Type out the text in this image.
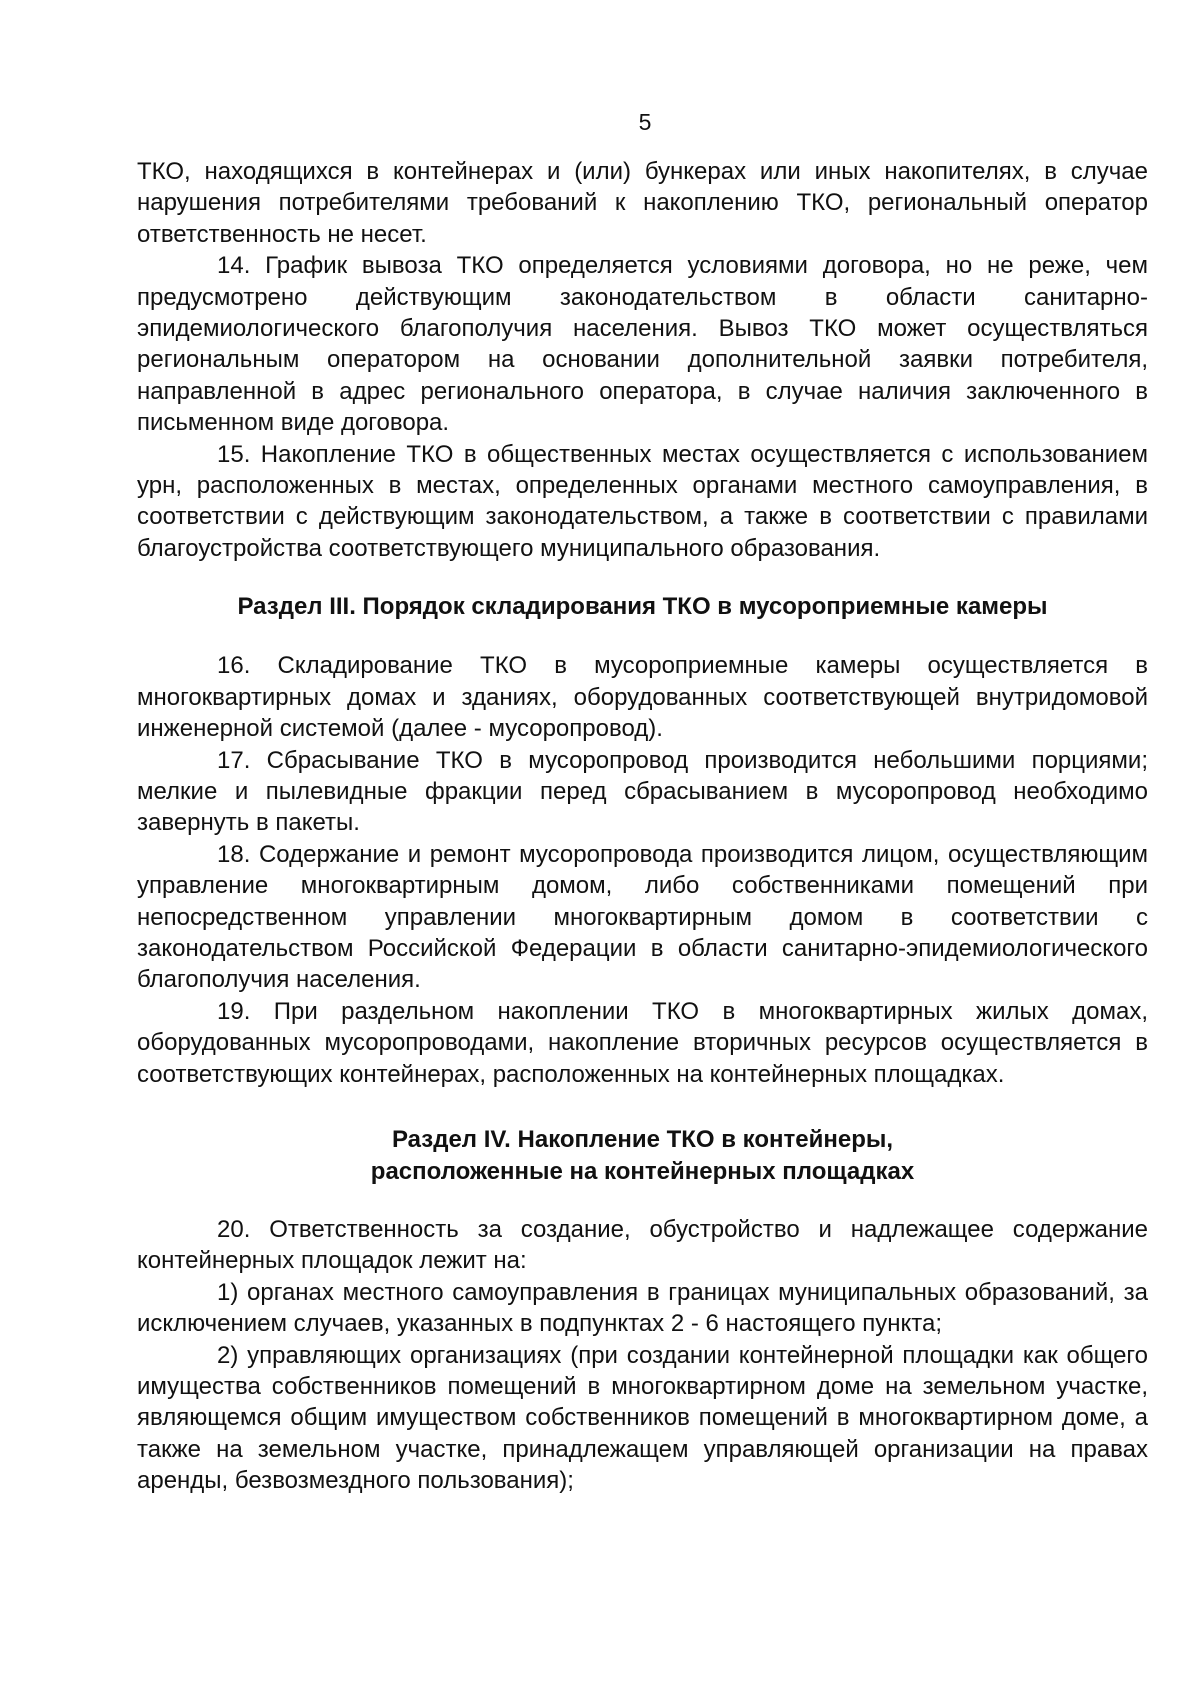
5

ТКО, находящихся в контейнерах и (или) бункерах или иных накопителях, в случае нарушения потребителями требований к накоплению ТКО, региональный оператор ответственность не несет.

14. График вывоза ТКО определяется условиями договора, но не реже, чем предусмотрено действующим законодательством в области санитарно-эпидемиологического благополучия населения. Вывоз ТКО может осуществляться региональным оператором на основании дополнительной заявки потребителя, направленной в адрес регионального оператора, в случае наличия заключенного в письменном виде договора.

15. Накопление ТКО в общественных местах осуществляется с использованием урн, расположенных в местах, определенных органами местного самоуправления, в соответствии с действующим законодательством, а также в соответствии с правилами благоустройства соответствующего муниципального образования.

Раздел III. Порядок складирования ТКО в мусороприемные камеры

16. Складирование ТКО в мусороприемные камеры осуществляется в многоквартирных домах и зданиях, оборудованных соответствующей внутридомовой инженерной системой (далее - мусоропровод).

17. Сбрасывание ТКО в мусоропровод производится небольшими порциями; мелкие и пылевидные фракции перед сбрасыванием в мусоропровод необходимо завернуть в пакеты.

18. Содержание и ремонт мусоропровода производится лицом, осуществляющим управление многоквартирным домом, либо собственниками помещений при непосредственном управлении многоквартирным домом в соответствии с законодательством Российской Федерации в области санитарно-эпидемиологического благополучия населения.

19. При раздельном накоплении ТКО в многоквартирных жилых домах, оборудованных мусоропроводами, накопление вторичных ресурсов осуществляется в соответствующих контейнерах, расположенных на контейнерных площадках.

Раздел IV. Накопление ТКО в контейнеры,
расположенные на контейнерных площадках

20. Ответственность за создание, обустройство и надлежащее содержание контейнерных площадок лежит на:

1) органах местного самоуправления в границах муниципальных образований, за исключением случаев, указанных в подпунктах 2 - 6 настоящего пункта;

2) управляющих организациях (при создании контейнерной площадки как общего имущества собственников помещений в многоквартирном доме на земельном участке, являющемся общим имуществом собственников помещений в многоквартирном доме, а также на земельном участке, принадлежащем управляющей организации на правах аренды, безвозмездного пользования);
